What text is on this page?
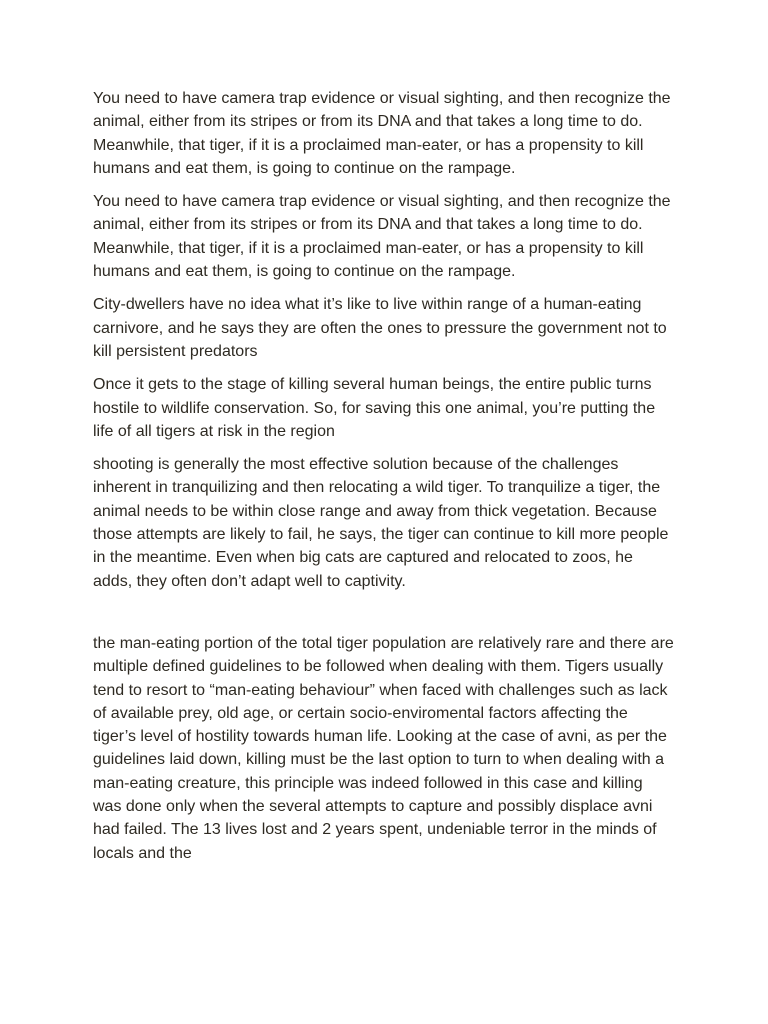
You need to have camera trap evidence or visual sighting, and then recognize the animal, either from its stripes or from its DNA and that takes a long time to do. Meanwhile, that tiger, if it is a proclaimed man-eater, or has a propensity to kill humans and eat them, is going to continue on the rampage.

You need to have camera trap evidence or visual sighting, and then recognize the animal, either from its stripes or from its DNA and that takes a long time to do. Meanwhile, that tiger, if it is a proclaimed man-eater, or has a propensity to kill humans and eat them, is going to continue on the rampage.

City-dwellers have no idea what it’s like to live within range of a human-eating carnivore, and he says they are often the ones to pressure the government not to kill persistent predators

Once it gets to the stage of killing several human beings, the entire public turns hostile to wildlife conservation. So, for saving this one animal, you’re putting the life of all tigers at risk in the region

shooting is generally the most effective solution because of the challenges inherent in tranquilizing and then relocating a wild tiger. To tranquilize a tiger, the animal needs to be within close range and away from thick vegetation. Because those attempts are likely to fail, he says, the tiger can continue to kill more people in the meantime. Even when big cats are captured and relocated to zoos, he adds, they often don’t adapt well to captivity.

the man-eating portion of the total tiger population are relatively rare and there are multiple defined guidelines to be followed when dealing with them. Tigers usually tend to resort to “man-eating behaviour” when faced with challenges such as lack of available prey, old age, or certain socio-enviromental factors affecting the tiger’s level of hostility towards human life. Looking at the case of avni, as per the guidelines laid down, killing must be the last option to turn to when dealing with a man-eating creature, this principle was indeed followed in this case and killing was done only when the several attempts to capture and possibly displace avni had failed. The 13 lives lost and 2 years spent, undeniable terror in the minds of locals and the
